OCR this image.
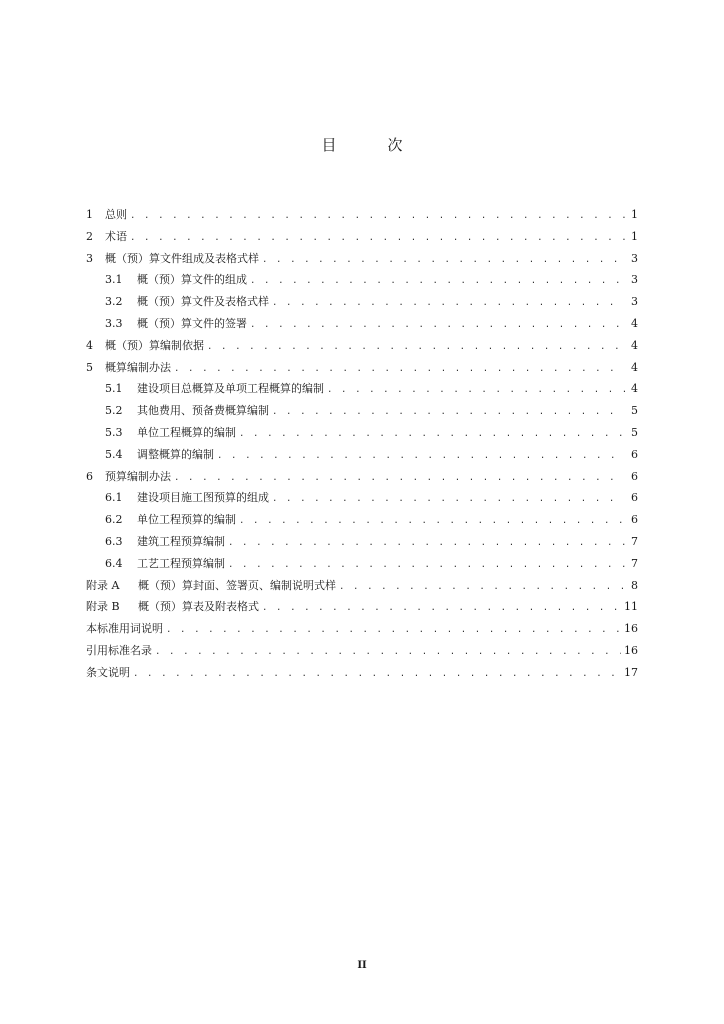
目　次
1	总则 . . .	1
2	术语 . . .	1
3	概（预）算文件组成及表格式样 . . .	3
3.1	概（预）算文件的组成 . . .	3
3.2	概（预）算文件及表格式样 . . .	3
3.3	概（预）算文件的签署 . . .	4
4	概（预）算编制依据 . . .	4
5	概算编制办法 . . .	4
5.1	建设项目总概算及单项工程概算的编制 . . .	4
5.2	其他费用、预备费概算编制 . . .	5
5.3	单位工程概算的编制 . . .	5
5.4	调整概算的编制 . . .	6
6	预算编制办法 . . .	6
6.1	建设项目施工图预算的组成 . . .	6
6.2	单位工程预算的编制 . . .	6
6.3	建筑工程预算编制 . . .	7
6.4	工艺工程预算编制 . . .	7
附录 A	概（预）算封面、签署页、编制说明式样 . . .	8
附录 B	概（预）算表及附表格式 . . .	11
本标准用词说明 . . .	16
引用标准名录 . . .	16
条文说明 . . .	17
II
